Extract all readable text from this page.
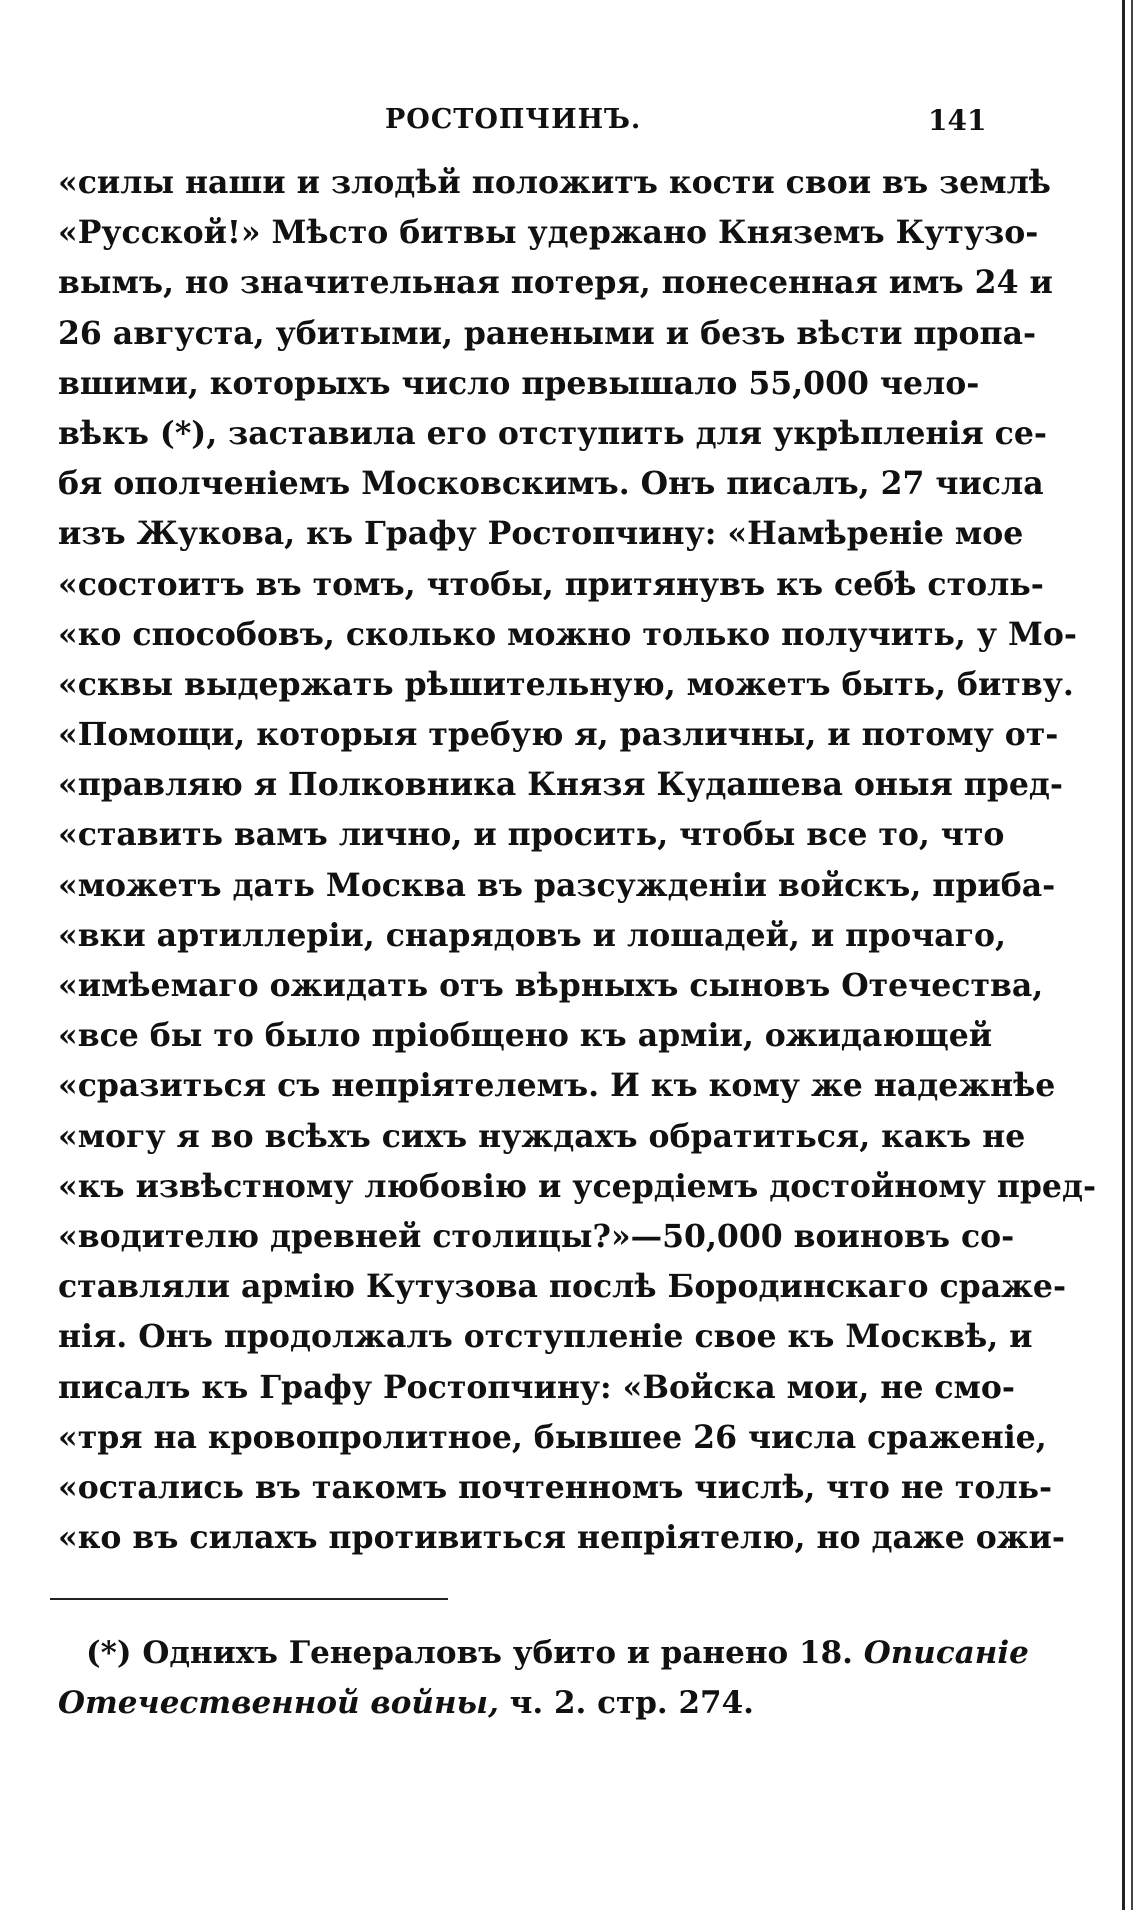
РОСТОПЧИНЪ.	141
«силы наши и злодѣй положитъ кости свои въ землѣ
«Русской!» Мѣсто битвы удержано Княземъ Кутузо-
вымъ, но значительная потеря, понесенная имъ 24 и
26 августа, убитыми, ранеными и безъ вѣсти пропа-
вшими, которыхъ число превышало 55,000 чело-
вѣкъ (*), заставила его отступить для укрѣпленія се-
бя ополченіемъ Московскимъ. Онъ писалъ, 27 числа
изъ Жукова, къ Графу Ростопчину: «Намѣреніе мое
«состоитъ въ томъ, чтобы, притянувъ къ себѣ столь-
«ко способовъ, сколько можно только получить, у Мо-
«сквы выдержать рѣшительную, можетъ быть, битву.
«Помощи, которыя требую я, различны, и потому от-
«правляю я Полковника Князя Кудашева оныя пред-
«ставить вамъ лично, и просить, чтобы все то, что
«можетъ дать Москва въ разсужденіи войскъ, приба-
«вки артиллеріи, снарядовъ и лошадей, и прочаго,
«имѣемаго ожидать отъ вѣрныхъ сыновъ Отечества,
«все бы то было пріобщено къ арміи, ожидающей
«сразиться съ непріятелемъ. И къ кому же надежнѣе
«могу я во всѣхъ сихъ нуждахъ обратиться, какъ не
«къ извѣстному любовію и усердіемъ достойному пред-
«водителю древней столицы?»—50,000 воиновъ со-
ставляли армію Кутузова послѣ Бородинскаго сраже-
нія. Онъ продолжалъ отступленіе свое къ Москвѣ, и
писалъ къ Графу Ростопчину: «Войска мои, не смо-
«тря на кровопролитное, бывшее 26 числа сраженіе,
«остались въ такомъ почтенномъ числѣ, что не толь-
«ко въ силахъ противиться непріятелю, но даже ожи-
(*) Однихъ Генераловъ убито и ранено 18. Описаніе
Отечественной войны, ч. 2. стр. 274.
